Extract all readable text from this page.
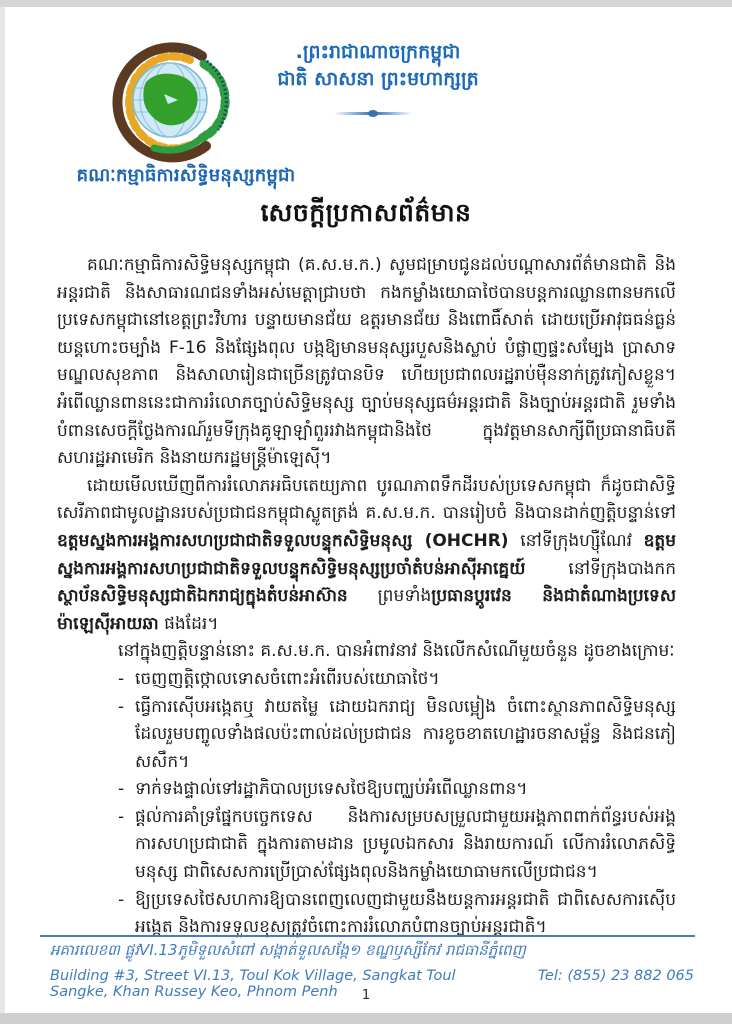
គណៈកម្មាធិការសិទ្ធិមនុស្សកម្ពុជា
.ព្រះរាជាណាចក្រកម្ពុជា
ជាតិ សាសនា ព្រះមហាក្សត្រ
សេចក្តីប្រកាសព័ត៌មាន

គណៈកម្មាធិការសិទ្ធិមនុស្សកម្ពុជា (គ.ស.ម.ក.) សូមជម្រាបជូនដល់បណ្តាសារព័ត៌មានជាតិ និងអន្តរជាតិ និងសាធារណជនទាំងអស់មេត្តាជ្រាបថា កងកម្លាំងយោធាថៃបានបន្តការឈ្លានពានមកលើប្រទេសកម្ពុជានៅខេត្តព្រះវិហារ បន្ទាយមានជ័យ ឧត្តរមានជ័យ និងពោធិ៍សាត់ ដោយប្រើអាវុធធន់ធ្ងន់ យន្តហោះចម្បាំង F-16 និងផ្សែងពុល បង្កឱ្យមានមនុស្សរបួសនិងស្លាប់ បំផ្លាញផ្ទះសម្បែង ប្រាសាទ មណ្ឌលសុខភាព និងសាលារៀនជាច្រើនត្រូវបានបិទ ហើយប្រជាពលរដ្ឋរាប់ម៉ឺននាក់ត្រូវភៀសខ្លួន។ អំពើឈ្លានពាននេះជាការរំលោភច្បាប់សិទ្ធិមនុស្ស ច្បាប់មនុស្សធម៌អន្តរជាតិ និងច្បាប់អន្តរជាតិ រួមទាំងបំពានសេចក្តីថ្លែងការណ៍រួមទីក្រុងគូឡាឡាំពួររវាងកម្ពុជានិងថៃ ក្នុងវត្តមានសាក្សីពីប្រធានាធិបតីសហរដ្ឋអាមេរិក និងនាយករដ្ឋមន្ត្រីម៉ាឡេស៊ី។

ដោយមើលឃើញពីការរំលោភអធិបតេយ្យភាព បូរណភាពទឹកដីរបស់ប្រទេសកម្ពុជា ក៏ដូចជាសិទ្ធិសេរីភាពជាមូលដ្ឋានរបស់ប្រជាជនកម្ពុជាស្លូតត្រង់ គ.ស.ម.ក. បានរៀបចំ និងបានដាក់ញត្តិបន្ទាន់ទៅ ឧត្តមស្នងការអង្គការសហប្រជាជាតិទទួលបន្ទុកសិទ្ធិមនុស្ស (OHCHR) នៅទីក្រុងហ្ស៊ឺណែវ ឧត្តមស្នងការអង្គការសហប្រជាជាតិទទួលបន្ទុកសិទ្ធិមនុស្សប្រចាំតំបន់អាស៊ីអាគ្នេយ៍ នៅទីក្រុងបាងកក ស្ថាប័នសិទ្ធិមនុស្សជាតិឯករាជ្យក្នុងតំបន់អាស៊ាន ព្រមទាំងប្រធានប្តូរវេន និងជាតំណាងប្រទេសម៉ាឡេស៊ីអាយឆា ផងដែរ។

នៅក្នុងញត្តិបន្ទាន់នោះ គ.ស.ម.ក. បានអំពាវនាវ និងលើកសំណើមួយចំនួន ដូចខាងក្រោមៈ

- ចេញញត្តិថ្កោលទោសចំពោះអំពើរបស់យោធាថៃ។
- ធ្វើការស៊ើបអង្កេតឬ វាយតម្លៃ ដោយឯករាជ្យ មិនលម្អៀង ចំពោះស្ថានភាពសិទ្ធិមនុស្ស ដែលរួមបញ្ចូលទាំងផលប៉ះពាល់ដល់ប្រជាជន ការខូចខាតហេដ្ឋារចនាសម្ព័ន្ធ និងជនភៀសសឹក។
- ទាក់ទងផ្ទាល់ទៅរដ្ឋាភិបាលប្រទេសថៃឱ្យបញ្ឈប់អំពើឈ្លានពាន។
- ផ្តល់ការគាំទ្រផ្នែកបច្ចេកទេស និងការសម្របសម្រួលជាមួយអង្គភាពពាក់ព័ន្ធរបស់អង្គការសហប្រជាជាតិ ក្នុងការតាមដាន ប្រមូលឯកសារ និងរាយការណ៍ លើការរំលោភសិទ្ធិមនុស្ស ជាពិសេសការប្រើប្រាស់ផ្សែងពុលនិងកម្លាំងយោធាមកលើប្រជាជន។
- ឱ្យប្រទេសថៃសហការឱ្យបានពេញលេញជាមួយនឹងយន្តការអន្តរជាតិ ជាពិសេសការស៊ើបអង្កេត និងការទទួលខុសត្រូវចំពោះការរំលោភបំពានច្បាប់អន្តរជាតិ។
អគារលេខ៣ ផ្លូវVI.13ភូមិទួលសំពៅ សង្កាត់ទួលសង្កែ១ ខណ្ឌឫស្សីកែវ រាជធានីភ្នំពេញ
Building #3, Street VI.13, Toul Kok Village, Sangkat Toul Sangke, Khan Russey Keo, Phnom Penh
Tel: (855) 23 882 065
1
